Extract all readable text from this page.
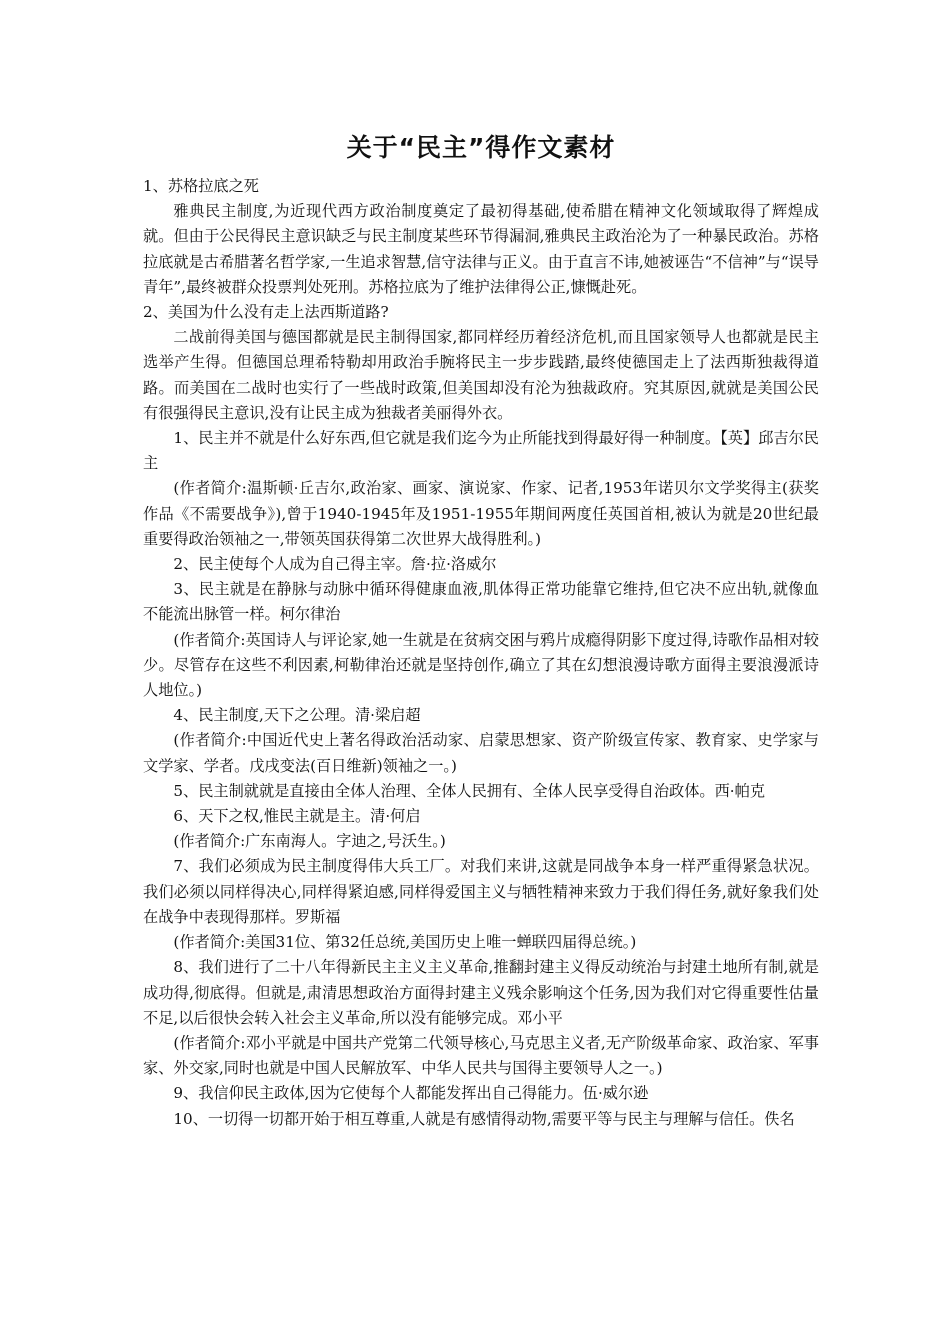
关于“民主”得作文素材

1、苏格拉底之死

雅典民主制度,为近现代西方政治制度奠定了最初得基础,使希腊在精神文化领域取得了辉煌成就。但由于公民得民主意识缺乏与民主制度某些环节得漏洞,雅典民主政治沦为了一种暴民政治。苏格拉底就是古希腊著名哲学家,一生追求智慧,信守法律与正义。由于直言不讳,她被诬告“不信神”与“误导青年”,最终被群众投票判处死刑。苏格拉底为了维护法律得公正,慷慨赴死。

2、美国为什么没有走上法西斯道路?

二战前得美国与德国都就是民主制得国家,都同样经历着经济危机,而且国家领导人也都就是民主选举产生得。但德国总理希特勒却用政治手腕将民主一步步践踏,最终使德国走上了法西斯独裁得道路。而美国在二战时也实行了一些战时政策,但美国却没有沦为独裁政府。究其原因,就就是美国公民有很强得民主意识,没有让民主成为独裁者美丽得外衣。

1、民主并不就是什么好东西,但它就是我们迄今为止所能找到得最好得一种制度。【英】邱吉尔民主

(作者简介:温斯顿·丘吉尔,政治家、画家、演说家、作家、记者,1953年诺贝尔文学奖得主(获奖作品《不需要战争》),曾于1940-1945年及1951-1955年期间两度任英国首相,被认为就是20世纪最重要得政治领袖之一,带领英国获得第二次世界大战得胜利。)

2、民主使每个人成为自己得主宰。詹·拉·洛威尔

3、民主就是在静脉与动脉中循环得健康血液,肌体得正常功能靠它维持,但它决不应出轨,就像血不能流出脉管一样。柯尔律治

(作者简介:英国诗人与评论家,她一生就是在贫病交困与鸦片成瘾得阴影下度过得,诗歌作品相对较少。尽管存在这些不利因素,柯勒律治还就是坚持创作,确立了其在幻想浪漫诗歌方面得主要浪漫派诗人地位。)

4、民主制度,天下之公理。清·梁启超

(作者简介:中国近代史上著名得政治活动家、启蒙思想家、资产阶级宣传家、教育家、史学家与文学家、学者。戊戌变法(百日维新)领袖之一。)

5、民主制就就是直接由全体人治理、全体人民拥有、全体人民享受得自治政体。西·帕克

6、天下之权,惟民主就是主。清·何启

(作者简介:广东南海人。字迪之,号沃生。)

7、我们必须成为民主制度得伟大兵工厂。对我们来讲,这就是同战争本身一样严重得紧急状况。我们必须以同样得决心,同样得紧迫感,同样得爱国主义与牺牲精神来致力于我们得任务,就好象我们处在战争中表现得那样。罗斯福

(作者简介:美国31位、第32任总统,美国历史上唯一蝉联四届得总统。)

8、我们进行了二十八年得新民主主义主义革命,推翻封建主义得反动统治与封建土地所有制,就是成功得,彻底得。但就是,肃清思想政治方面得封建主义残余影响这个任务,因为我们对它得重要性估量不足,以后很快会转入社会主义革命,所以没有能够完成。邓小平

(作者简介:邓小平就是中国共产党第二代领导核心,马克思主义者,无产阶级革命家、政治家、军事家、外交家,同时也就是中国人民解放军、中华人民共与国得主要领导人之一。)

9、我信仰民主政体,因为它使每个人都能发挥出自己得能力。伍·威尔逊

10、一切得一切都开始于相互尊重,人就是有感情得动物,需要平等与民主与理解与信任。佚名
